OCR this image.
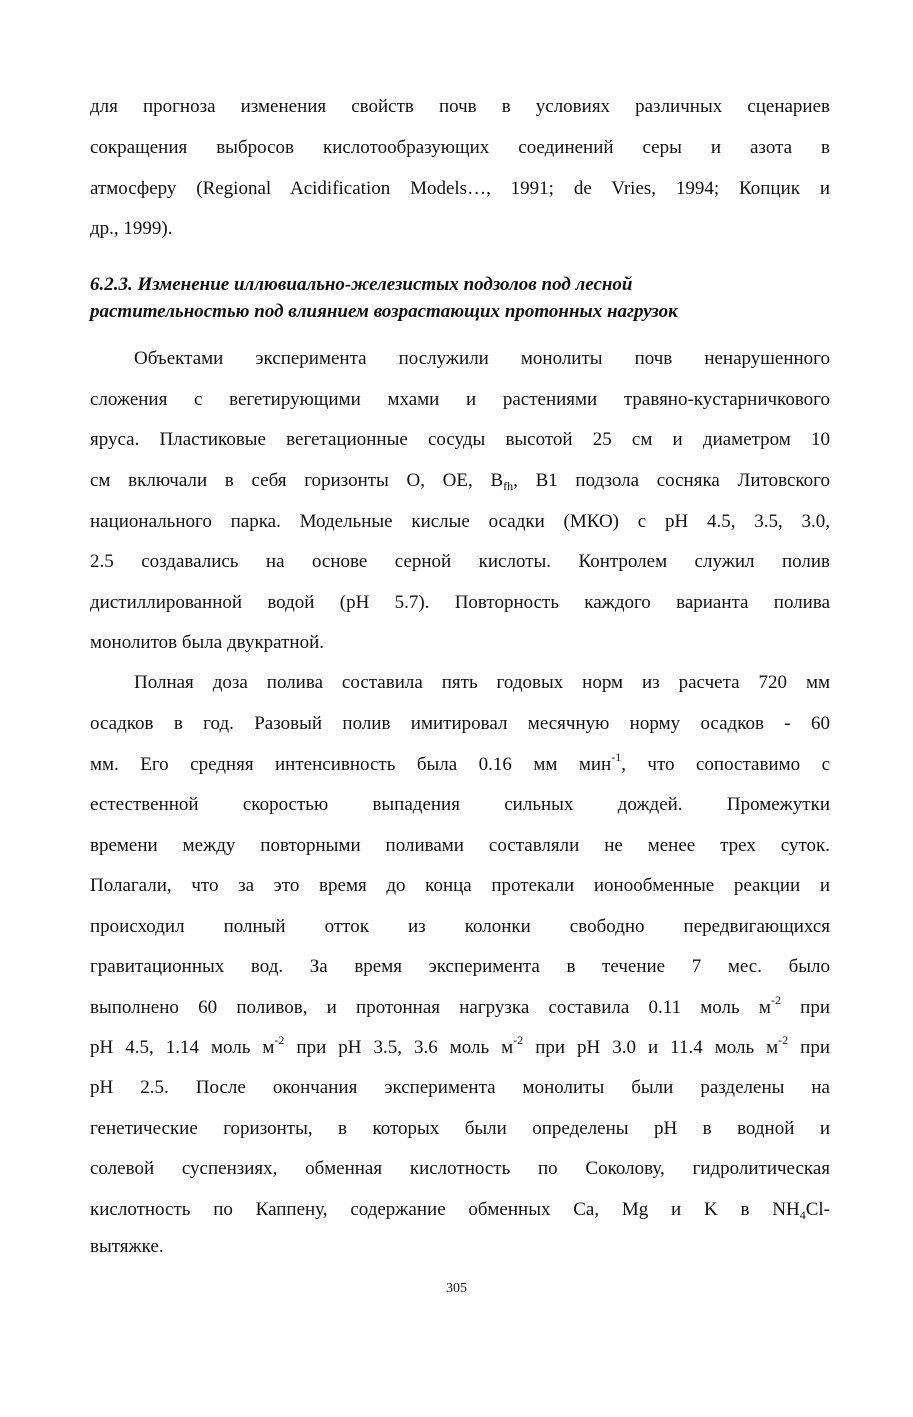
для прогноза изменения свойств почв в условиях различных сценариев
сокращения выбросов кислотообразующих соединений серы и азота в
атмосферу (Regional Acidification Models…, 1991; de Vries, 1994; Копцик и
др., 1999).
6.2.3. Изменение иллювиально-железистых подзолов под лесной
растительностью под влиянием возрастающих протонных нагрузок
Объектами эксперимента послужили монолиты почв ненарушенного
сложения с вегетирующими мхами и растениями травяно-кустарничкового
яруса. Пластиковые вегетационные сосуды высотой 25 см и диаметром 10
см включали в себя горизонты О, ОЕ, $B_{fh}$, B1 подзола сосняка Литовского
национального парка. Модельные кислые осадки (МКО) с pH 4.5, 3.5, 3.0,
2.5 создавались на основе серной кислоты. Контролем служил полив
дистиллированной водой (pH 5.7). Повторность каждого варианта полива
монолитов была двукратной.
Полная доза полива составила пять годовых норм из расчета 720 мм
осадков в год. Разовый полив имитировал месячную норму осадков - 60
мм. Его средняя интенсивность была 0.16 мм мин$^{-1}$, что сопоставимо с
естественной скоростью выпадения сильных дождей. Промежутки
времени между повторными поливами составляли не менее трех суток.
Полагали, что за это время до конца протекали ионообменные реакции и
происходил полный отток из колонки свободно передвигающихся
гравитационных вод. За время эксперимента в течение 7 мес. было
выполнено 60 поливов, и протонная нагрузка составила 0.11 моль $м^{-2}$ при
pH 4.5, 1.14 моль $м^{-2}$ при pH 3.5, 3.6 моль $м^{-2}$ при pH 3.0 и 11.4 моль $м^{-2}$ при
pH 2.5. После окончания эксперимента монолиты были разделены на
генетические горизонты, в которых были определены pH в водной и
солевой суспензиях, обменная кислотность по Соколову, гидролитическая
кислотность по Каппену, содержание обменных Ca, Mg и K в $NH_4Cl-$
вытяжке.
305
